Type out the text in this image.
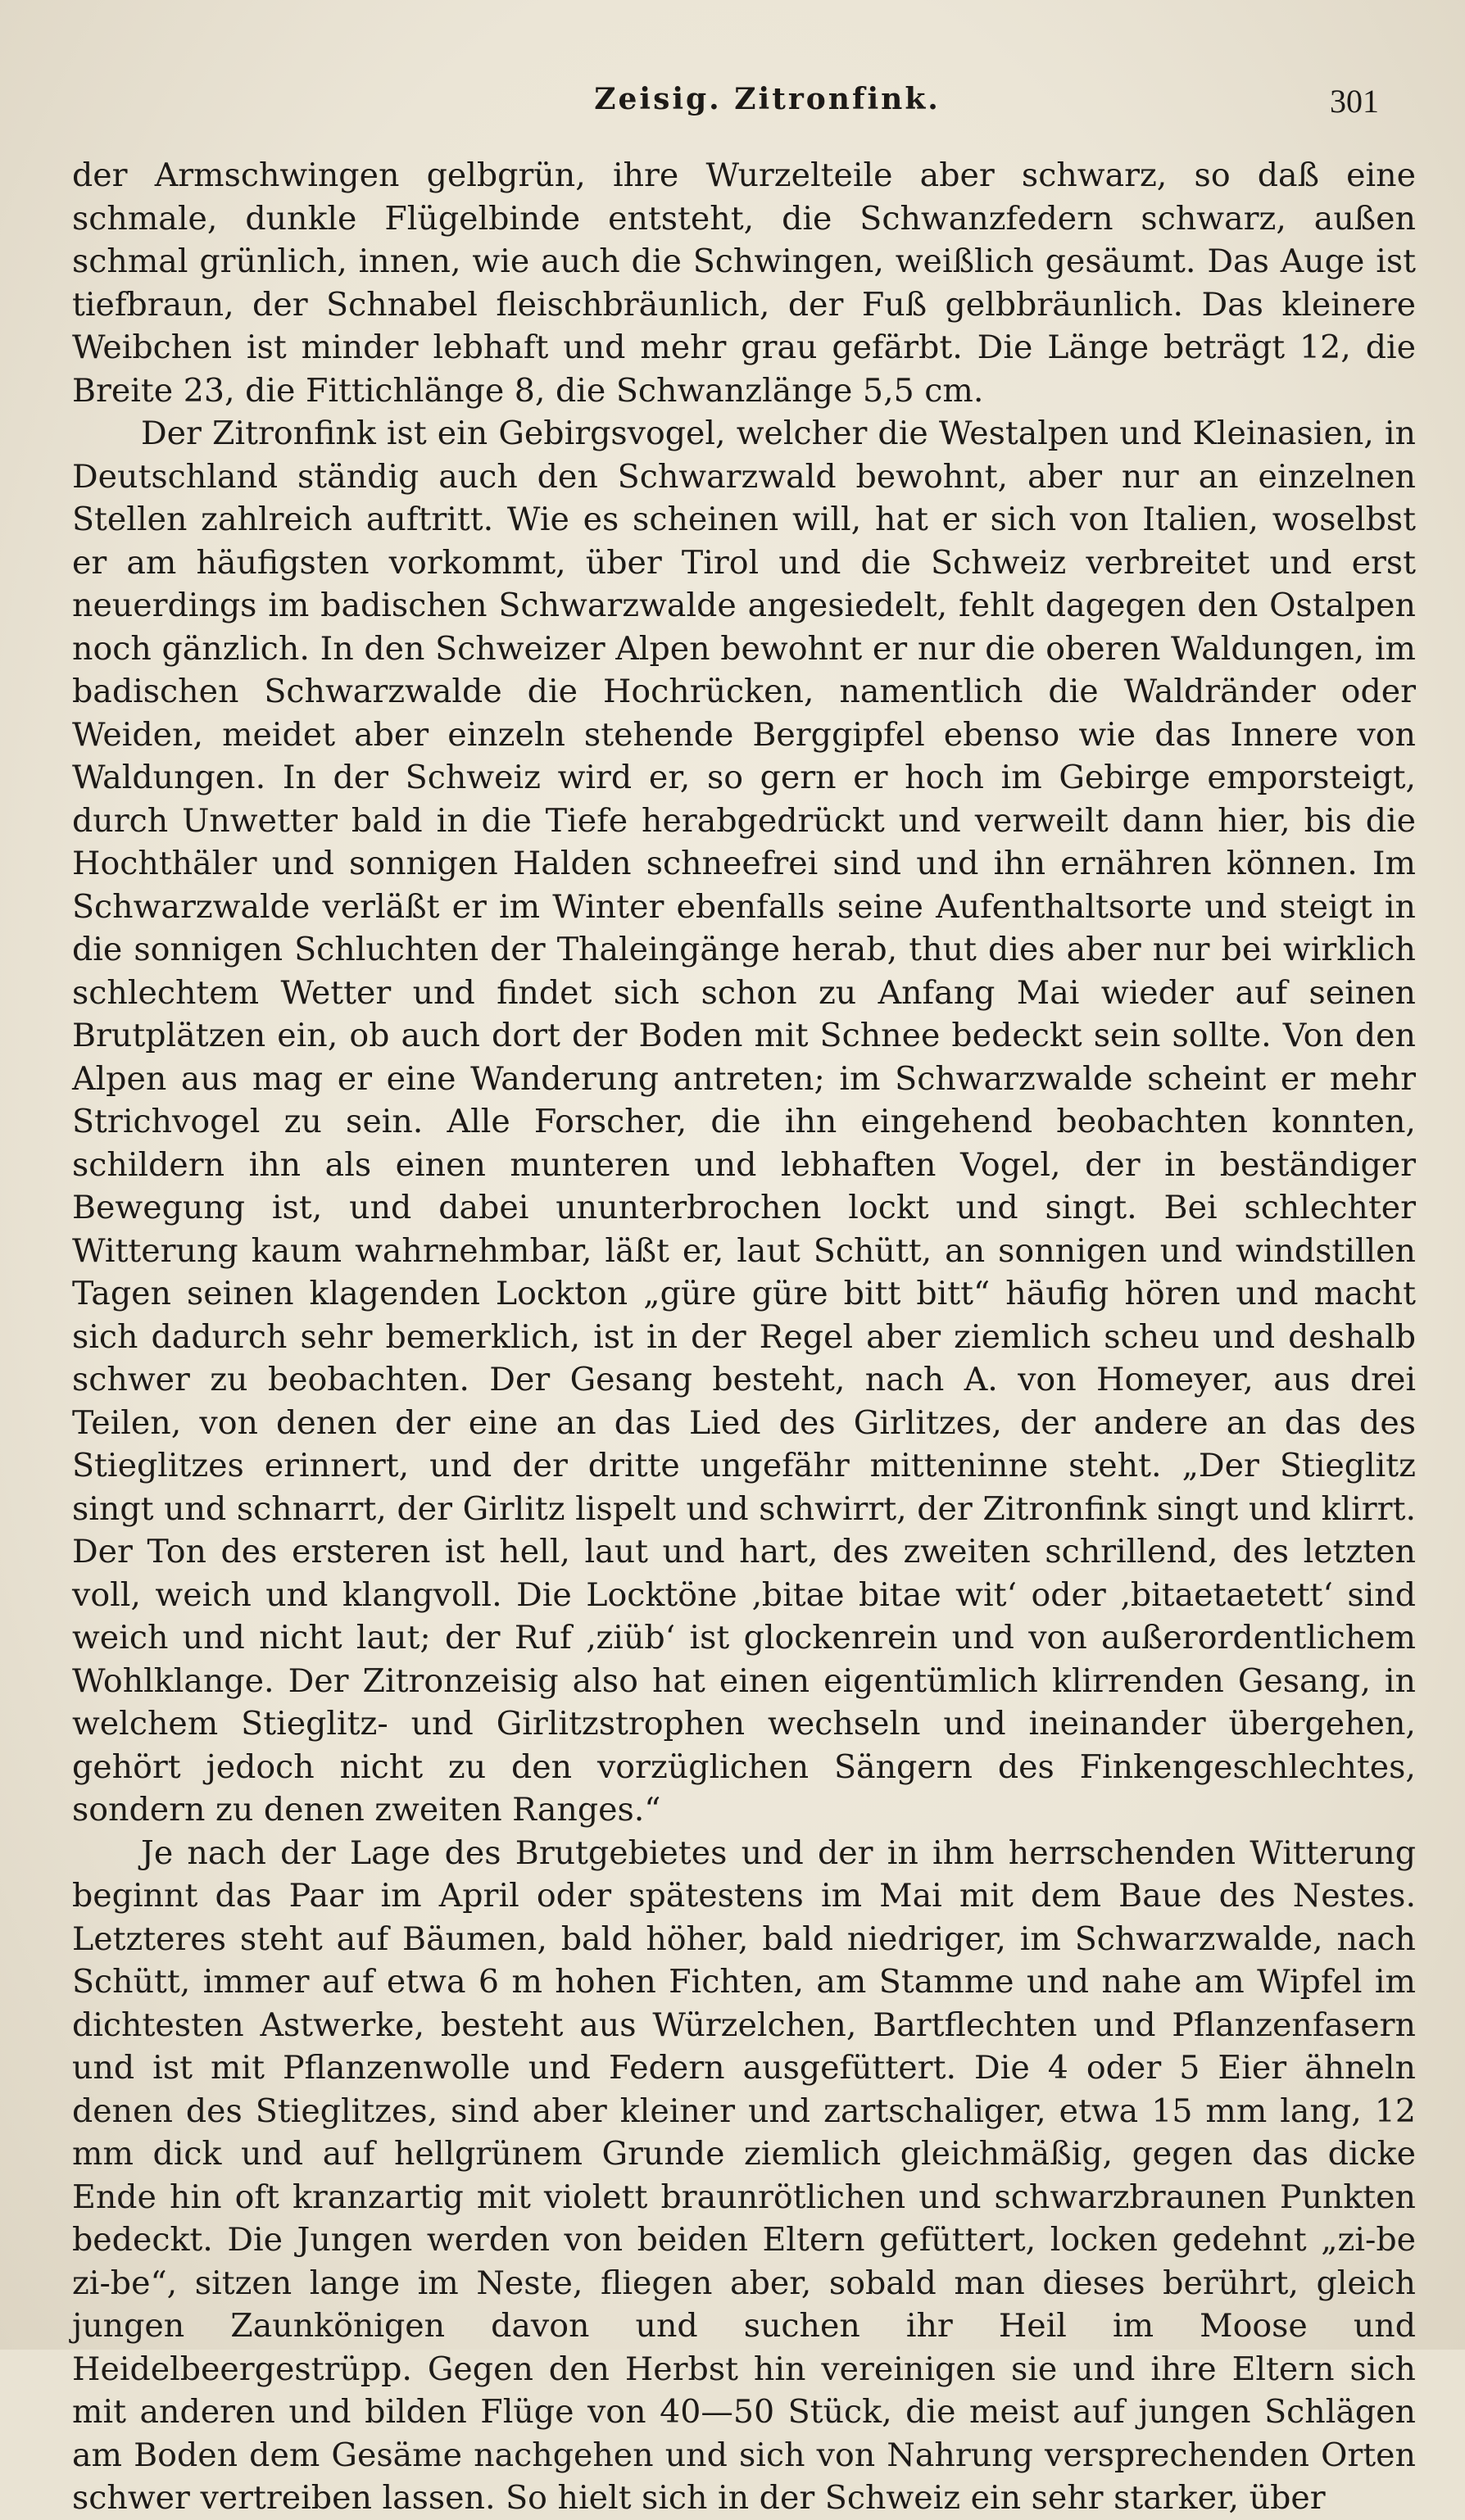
Zeisig. Zitronfink.	301

der Armschwingen gelbgrün, ihre Wurzelteile aber schwarz, so daß eine schmale, dunkle Flügelbinde entsteht, die Schwanzfedern schwarz, außen schmal grünlich, innen, wie auch die Schwingen, weißlich gesäumt. Das Auge ist tiefbraun, der Schnabel fleischbräunlich, der Fuß gelbbräunlich. Das kleinere Weibchen ist minder lebhaft und mehr grau gefärbt. Die Länge beträgt 12, die Breite 23, die Fittichlänge 8, die Schwanzlänge 5,5 cm.

Der Zitronfink ist ein Gebirgsvogel, welcher die Westalpen und Kleinasien, in Deutschland ständig auch den Schwarzwald bewohnt, aber nur an einzelnen Stellen zahlreich auftritt. Wie es scheinen will, hat er sich von Italien, woselbst er am häufigsten vorkommt, über Tirol und die Schweiz verbreitet und erst neuerdings im badischen Schwarzwalde angesiedelt, fehlt dagegen den Ostalpen noch gänzlich. In den Schweizer Alpen bewohnt er nur die oberen Waldungen, im badischen Schwarzwalde die Hochrücken, namentlich die Waldränder oder Weiden, meidet aber einzeln stehende Berggipfel ebenso wie das Innere von Waldungen. In der Schweiz wird er, so gern er hoch im Gebirge emporsteigt, durch Unwetter bald in die Tiefe herabgedrückt und verweilt dann hier, bis die Hochthäler und sonnigen Halden schneefrei sind und ihn ernähren können. Im Schwarzwalde verläßt er im Winter ebenfalls seine Aufenthaltsorte und steigt in die sonnigen Schluchten der Thaleingänge herab, thut dies aber nur bei wirklich schlechtem Wetter und findet sich schon zu Anfang Mai wieder auf seinen Brutplätzen ein, ob auch dort der Boden mit Schnee bedeckt sein sollte. Von den Alpen aus mag er eine Wanderung antreten; im Schwarzwalde scheint er mehr Strichvogel zu sein. Alle Forscher, die ihn eingehend beobachten konnten, schildern ihn als einen munteren und lebhaften Vogel, der in beständiger Bewegung ist, und dabei ununterbrochen lockt und singt. Bei schlechter Witterung kaum wahrnehmbar, läßt er, laut Schütt, an sonnigen und windstillen Tagen seinen klagenden Lockton „güre güre bitt bitt“ häufig hören und macht sich dadurch sehr bemerklich, ist in der Regel aber ziemlich scheu und deshalb schwer zu beobachten. Der Gesang besteht, nach A. von Homeyer, aus drei Teilen, von denen der eine an das Lied des Girlitzes, der andere an das des Stieglitzes erinnert, und der dritte ungefähr mitteninne steht. „Der Stieglitz singt und schnarrt, der Girlitz lispelt und schwirrt, der Zitronfink singt und klirrt. Der Ton des ersteren ist hell, laut und hart, des zweiten schrillend, des letzten voll, weich und klangvoll. Die Locktöne ‚bitae bitae wit‘ oder ‚bitaetaetett‘ sind weich und nicht laut; der Ruf ‚ziüb‘ ist glockenrein und von außerordentlichem Wohlklange. Der Zitronzeisig also hat einen eigentümlich klirrenden Gesang, in welchem Stieglitz- und Girlitzstrophen wechseln und ineinander übergehen, gehört jedoch nicht zu den vorzüglichen Sängern des Finkengeschlechtes, sondern zu denen zweiten Ranges.“

Je nach der Lage des Brutgebietes und der in ihm herrschenden Witterung beginnt das Paar im April oder spätestens im Mai mit dem Baue des Nestes. Letzteres steht auf Bäumen, bald höher, bald niedriger, im Schwarzwalde, nach Schütt, immer auf etwa 6 m hohen Fichten, am Stamme und nahe am Wipfel im dichtesten Astwerke, besteht aus Würzelchen, Bartflechten und Pflanzenfasern und ist mit Pflanzenwolle und Federn ausgefüttert. Die 4 oder 5 Eier ähneln denen des Stieglitzes, sind aber kleiner und zartschaliger, etwa 15 mm lang, 12 mm dick und auf hellgrünem Grunde ziemlich gleichmäßig, gegen das dicke Ende hin oft kranzartig mit violett braunrötlichen und schwarzbraunen Punkten bedeckt. Die Jungen werden von beiden Eltern gefüttert, locken gedehnt „zi-be zi-be“, sitzen lange im Neste, fliegen aber, sobald man dieses berührt, gleich jungen Zaunkönigen davon und suchen ihr Heil im Moose und Heidelbeergestrüpp. Gegen den Herbst hin vereinigen sie und ihre Eltern sich mit anderen und bilden Flüge von 40—50 Stück, die meist auf jungen Schlägen am Boden dem Gesäme nachgehen und sich von Nahrung versprechenden Orten schwer vertreiben lassen. So hielt sich in der Schweiz ein sehr starker, über
